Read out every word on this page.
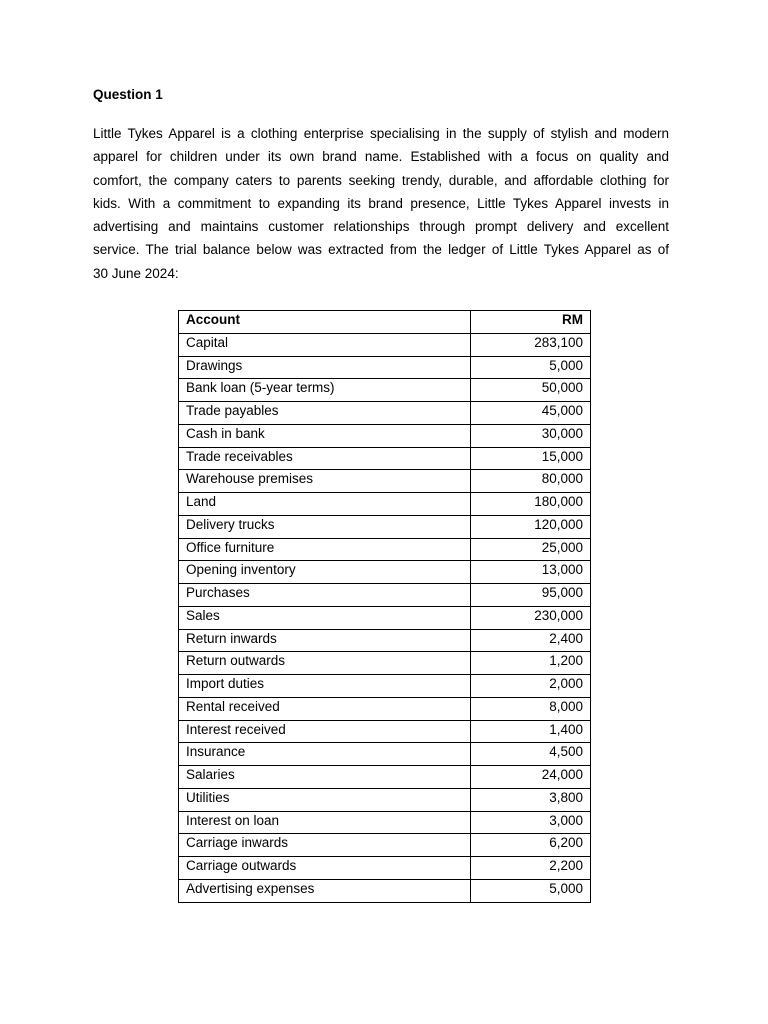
Question 1

Little Tykes Apparel is a clothing enterprise specialising in the supply of stylish and modern
apparel for children under its own brand name. Established with a focus on quality and
comfort, the company caters to parents seeking trendy, durable, and affordable clothing for
kids. With a commitment to expanding its brand presence, Little Tykes Apparel invests in
advertising and maintains customer relationships through prompt delivery and excellent
service. The trial balance below was extracted from the ledger of Little Tykes Apparel as of
30 June 2024:

Account	RM
Capital	283,100
Drawings	5,000
Bank loan (5-year terms)	50,000
Trade payables	45,000
Cash in bank	30,000
Trade receivables	15,000
Warehouse premises	80,000
Land	180,000
Delivery trucks	120,000
Office furniture	25,000
Opening inventory	13,000
Purchases	95,000
Sales	230,000
Return inwards	2,400
Return outwards	1,200
Import duties	2,000
Rental received	8,000
Interest received	1,400
Insurance	4,500
Salaries	24,000
Utilities	3,800
Interest on loan	3,000
Carriage inwards	6,200
Carriage outwards	2,200
Advertising expenses	5,000
